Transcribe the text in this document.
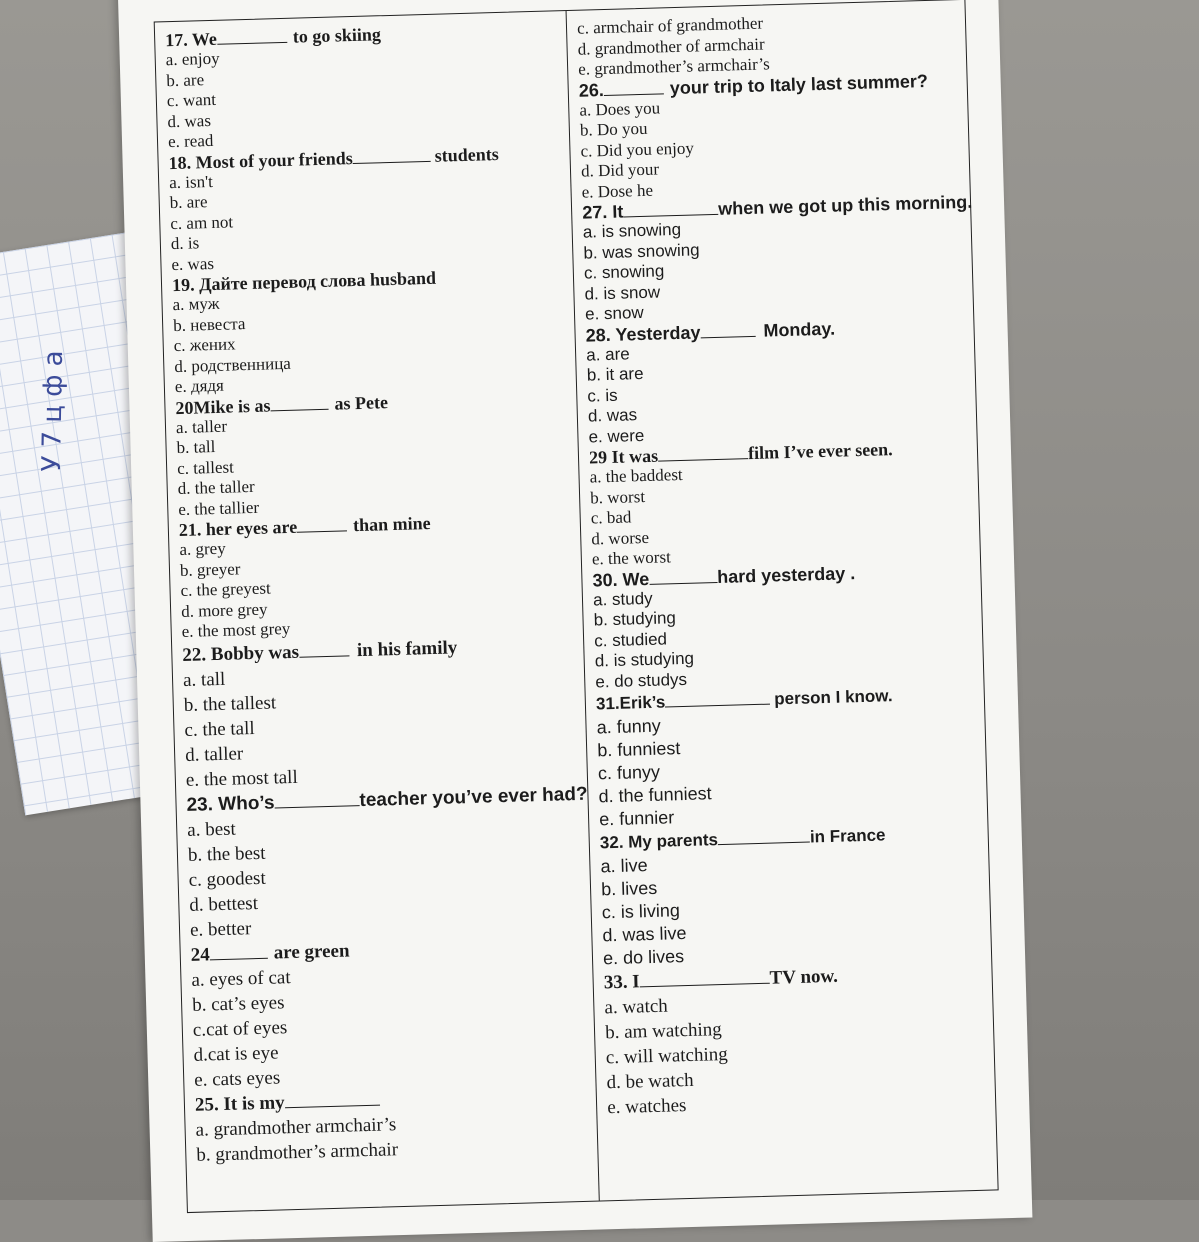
У 7 ц ф а
17. We	to go skiing
a. enjoy
b. are
c. want
d. was
e. read
18. Most of your friends	students
a. isn't
b. are
c. am not
d. is
e. was
19. Дайте перевод слова husband
a. муж
b. невеста
c. жених
d. родственница
e. дядя
20Mike is as	as Pete
a. taller
b. tall
c. tallest
d. the taller
e. the tallier
21. her eyes are	than mine
a. grey
b. greyer
c. the greyest
d. more grey
e. the most grey
22. Bobby was	in his family
a. tall
b. the tallest
c. the tall
d. taller
e. the most tall
23. Who’s	teacher you’ve ever had?
a. best
b. the best
c. goodest
d. bettest
e. better
24	are green
a. eyes of cat
b. cat’s eyes
c.cat of eyes
d.cat is eye
e. cats eyes
25. It is my
a. grandmother armchair’s
b. grandmother’s armchair
c. armchair of grandmother
d. grandmother of armchair
e. grandmother’s armchair’s
26.	your trip to Italy last summer?
a. Does you
b. Do you
c. Did you enjoy
d. Did your
e. Dose he
27. It	when we got up this morning.
a. is snowing
b. was snowing
c. snowing
d. is snow
e. snow
28. Yesterday	Monday.
a. are
b. it are
c. is
d. was
e. were
29 It was	film I’ve ever seen.
a. the baddest
b. worst
c. bad
d. worse
e. the worst
30. We	hard yesterday .
a. study
b. studying
c. studied
d. is studying
e. do studys
31.Erik’s	person I know.
a. funny
b. funniest
c. funyy
d. the funniest
e. funnier
32. My parents	in France
a. live
b. lives
c. is living
d. was live
e. do lives
33. I	TV now.
a. watch
b. am watching
c. will watching
d. be watch
e. watches
